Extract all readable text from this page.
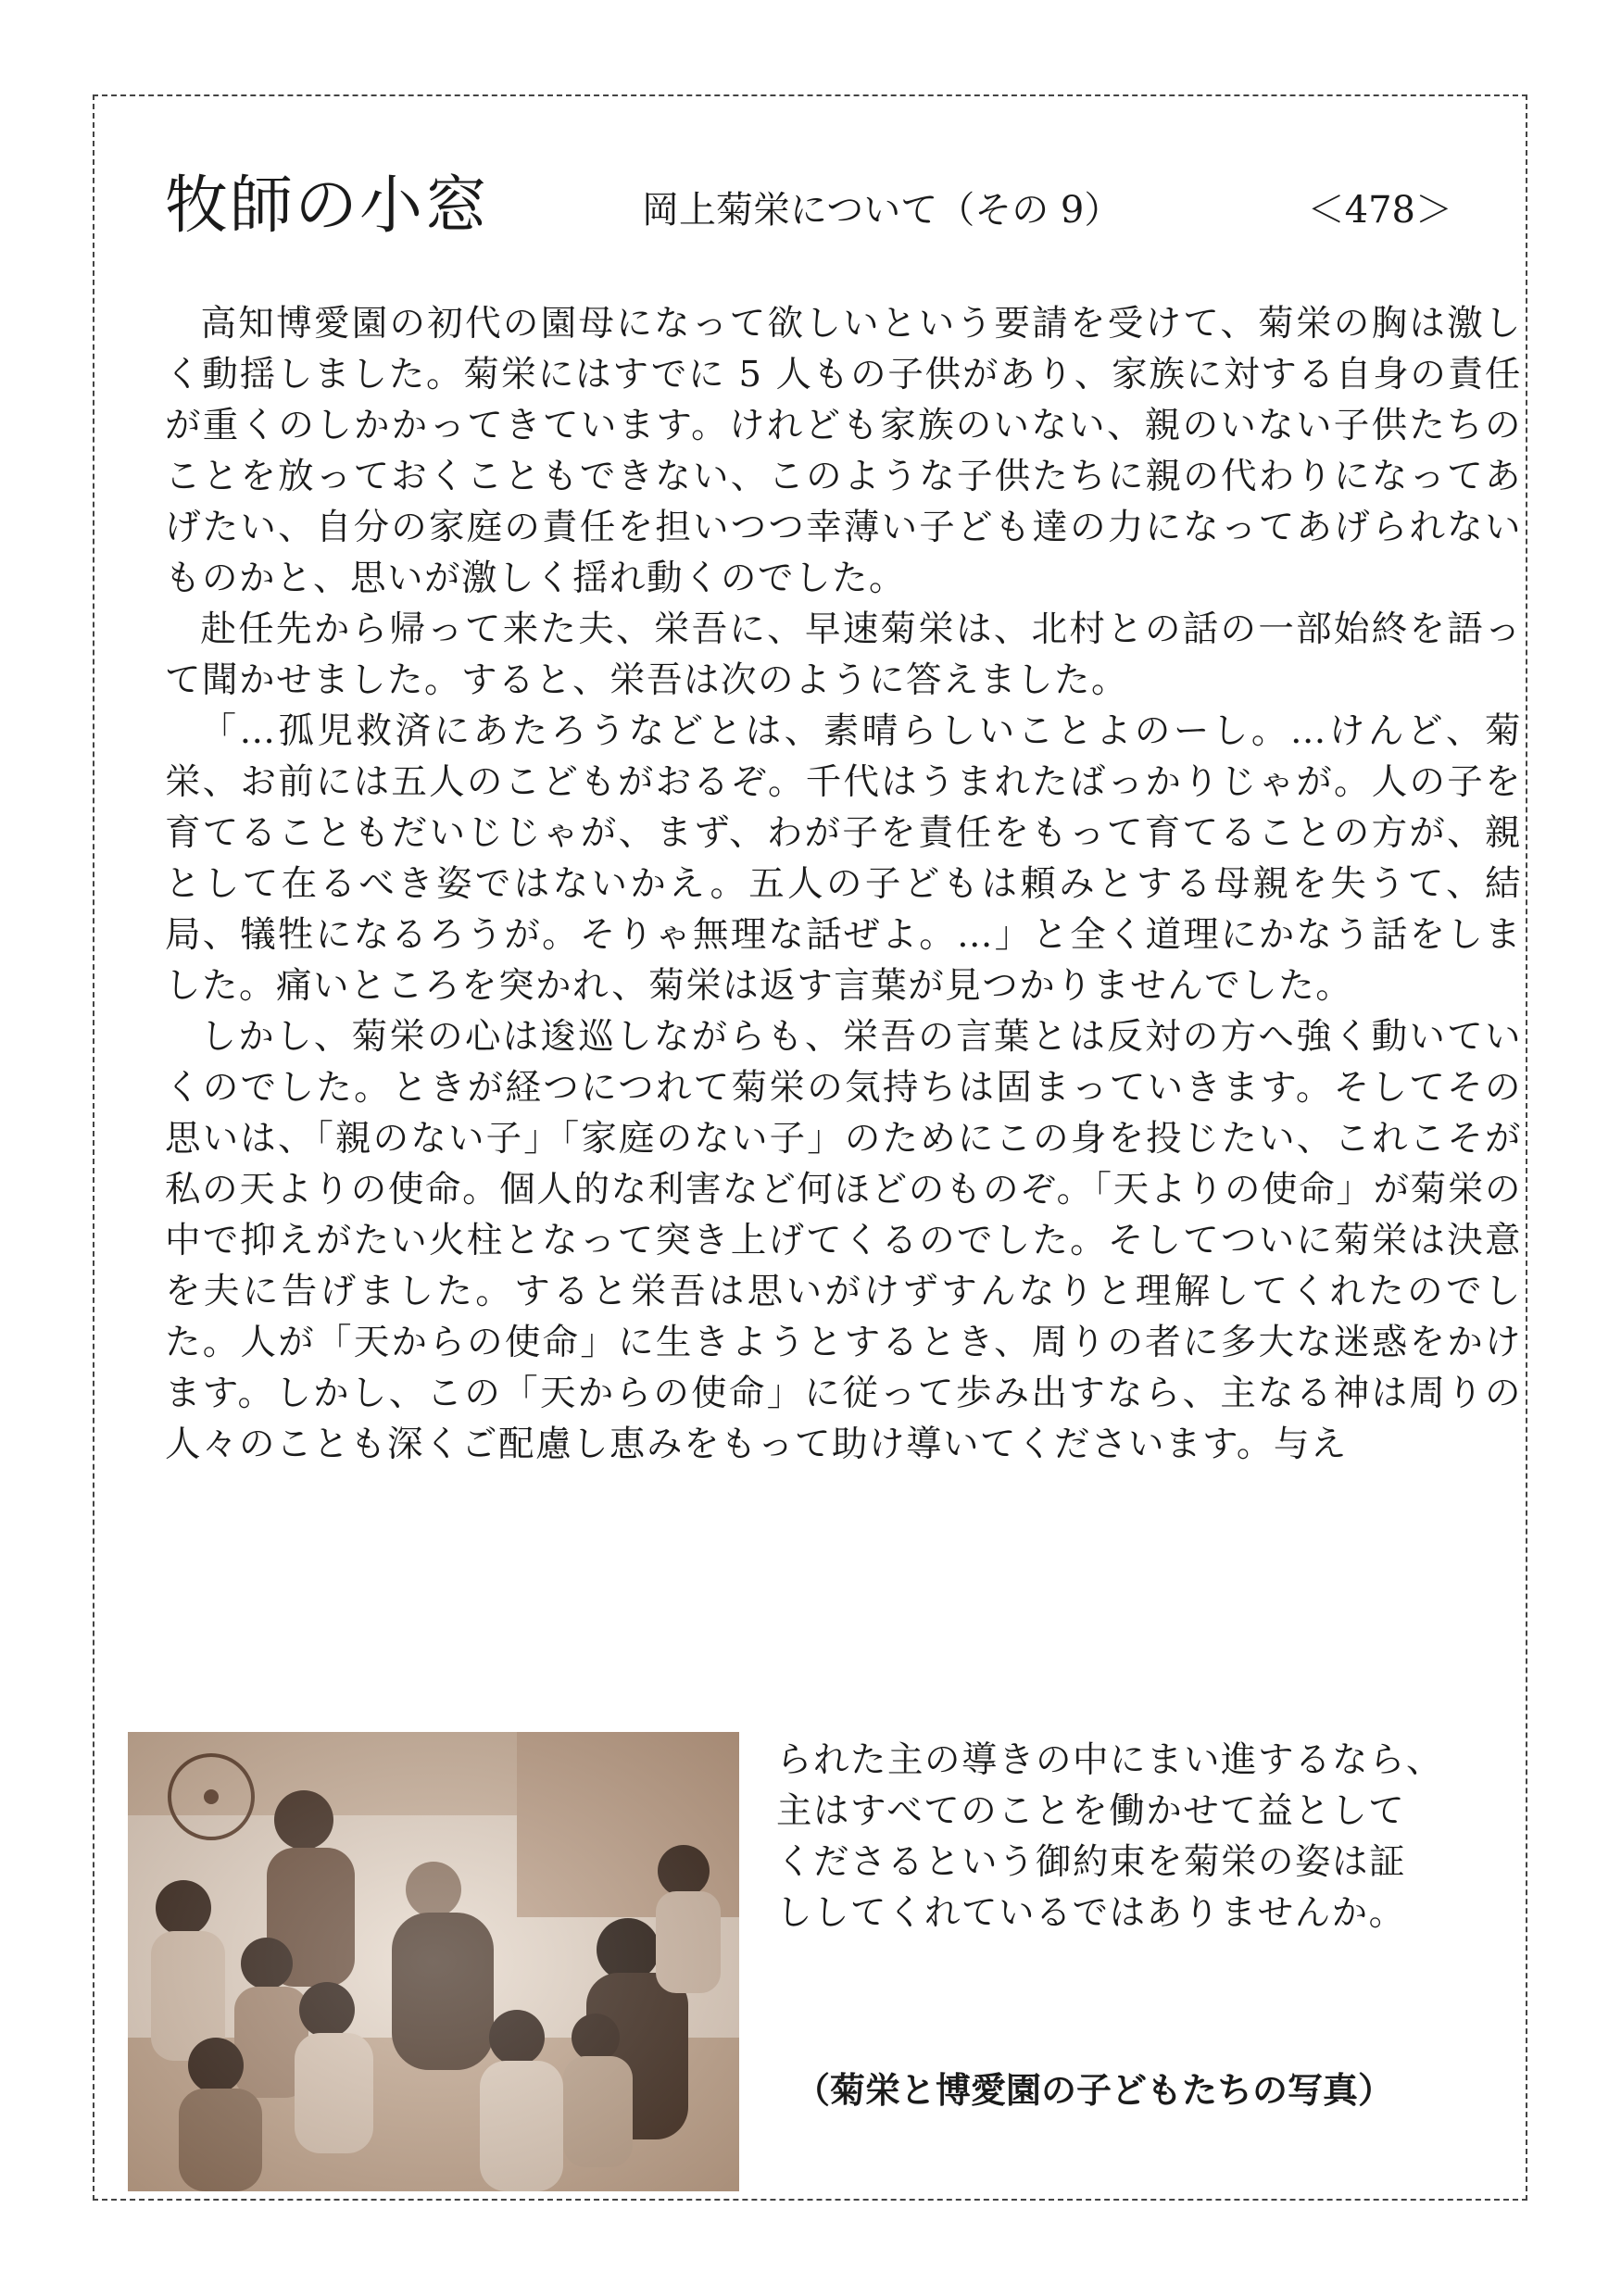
牧師の小窓	岡上菊栄について（その 9）	＜478＞

高知博愛園の初代の園母になって欲しいという要請を受けて、菊栄の胸は激しく動揺しました。菊栄にはすでに 5 人もの子供があり、家族に対する自身の責任が重くのしかかってきています。けれども家族のいない、親のいない子供たちのことを放っておくこともできない、このような子供たちに親の代わりになってあげたい、自分の家庭の責任を担いつつ幸薄い子ども達の力になってあげられないものかと、思いが激しく揺れ動くのでした。

赴任先から帰って来た夫、栄吾に、早速菊栄は、北村との話の一部始終を語って聞かせました。すると、栄吾は次のように答えました。

「…孤児救済にあたろうなどとは、素晴らしいことよのーし。…けんど、菊栄、お前には五人のこどもがおるぞ。千代はうまれたばっかりじゃが。人の子を育てることもだいじじゃが、まず、わが子を責任をもって育てることの方が、親として在るべき姿ではないかえ。五人の子どもは頼みとする母親を失うて、結局、犠牲になるろうが。そりゃ無理な話ぜよ。…」と全く道理にかなう話をしました。痛いところを突かれ、菊栄は返す言葉が見つかりませんでした。

しかし、菊栄の心は逡巡しながらも、栄吾の言葉とは反対の方へ強く動いていくのでした。ときが経つにつれて菊栄の気持ちは固まっていきます。そしてその思いは、「親のない子」「家庭のない子」のためにこの身を投じたい、これこそが私の天よりの使命。個人的な利害など何ほどのものぞ。「天よりの使命」が菊栄の中で抑えがたい火柱となって突き上げてくるのでした。そしてついに菊栄は決意を夫に告げました。すると栄吾は思いがけずすんなりと理解してくれたのでした。人が「天からの使命」に生きようとするとき、周りの者に多大な迷惑をかけます。しかし、この「天からの使命」に従って歩み出すなら、主なる神は周りの人々のことも深くご配慮し恵みをもって助け導いてくださいます。与え

られた主の導きの中にまい進するなら、

主はすべてのことを働かせて益として

くださるという御約束を菊栄の姿は証

ししてくれているではありませんか。

（菊栄と博愛園の子どもたちの写真）
